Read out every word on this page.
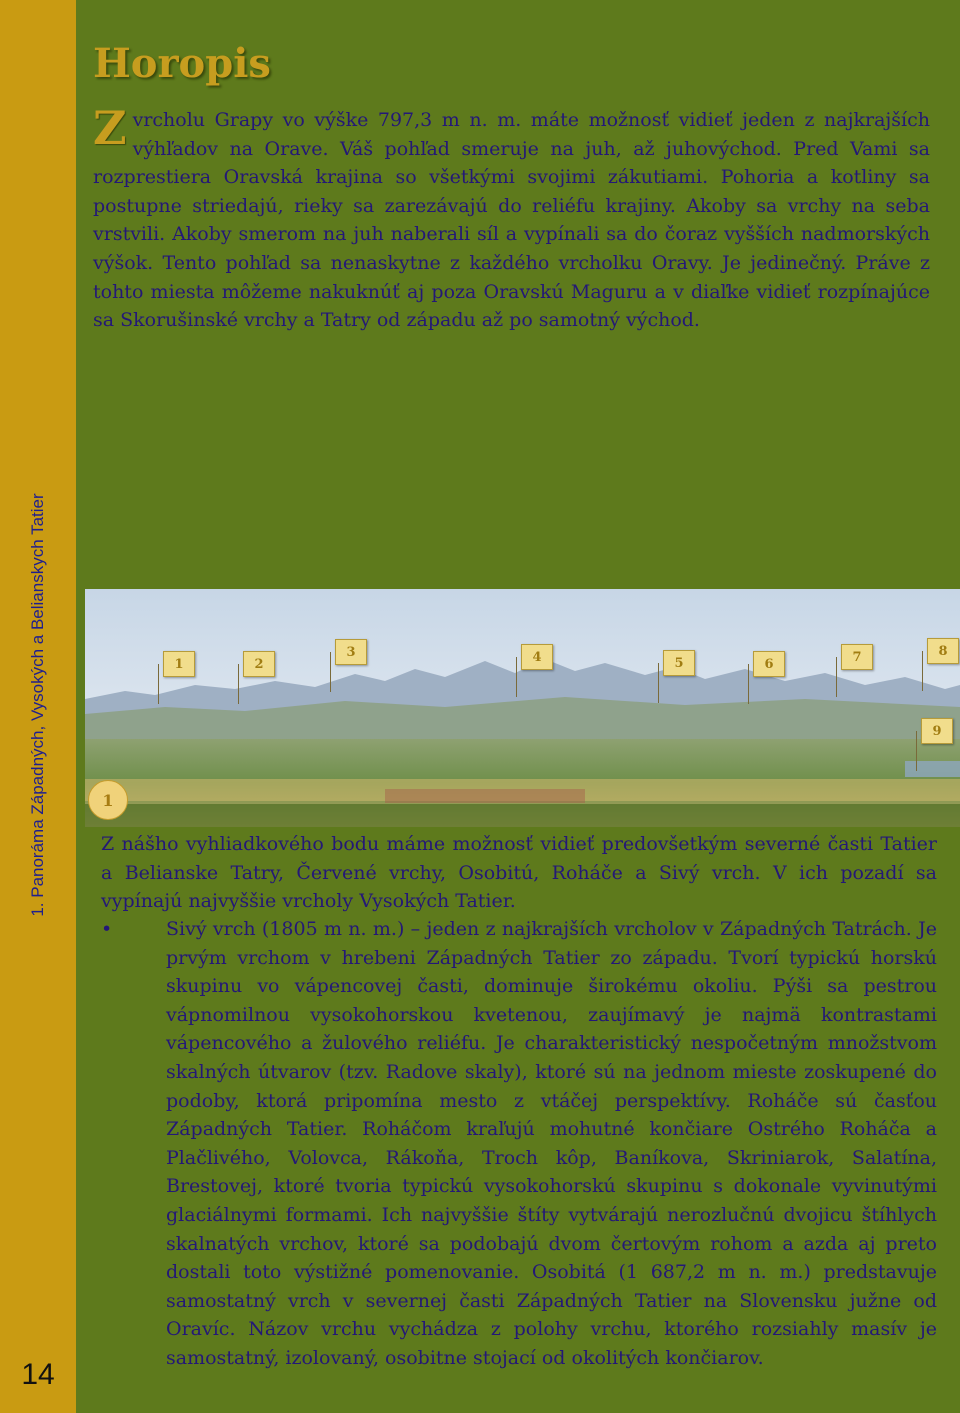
1. Panoráma Západných, Vysokých a Belianskych Tatier
14
Horopis
Z vrcholu Grapy vo výške 797,3 m n. m. máte možnosť vidieť jeden z najkrajších výhľadov na Orave. Váš pohľad smeruje na juh, až juhovýchod. Pred Vami sa rozprestiera Oravská krajina so všetkými svojimi zákutiami. Pohoria a kotliny sa postupne striedajú, rieky sa zarezávajú do reliéfu krajiny. Akoby sa vrchy na seba vrstvili. Akoby smerom na juh naberali síl a vypínali sa do čoraz vyšších nadmorských výšok. Tento pohľad sa nenaskytne z každého vrcholku Oravy. Je jedinečný. Práve z tohto miesta môžeme nakuknúť aj poza Oravskú Maguru a v diaľke vidieť rozpínajúce sa Skorušinské vrchy a Tatry od západu až po samotný východ.
1	2
3	4	5	6	7	8
9
1

Z nášho vyhliadkového bodu máme možnosť vidieť predovšetkým severné časti Tatier a Belianske Tatry, Červené vrchy, Osobitú, Roháče a Sivý vrch. V ich pozadí sa vypínajú najvyššie vrcholy Vysokých Tatier.

•	Sivý vrch (1805 m n. m.) – jeden z najkrajších vrcholov v Západných Tatrách. Je prvým vrchom v hrebeni Západných Tatier zo západu. Tvorí typickú horskú skupinu vo vápencovej časti, dominuje širokému okoliu. Pýši sa pestrou vápnomilnou vysokohorskou kvetenou, zaujímavý je najmä kontrastami vápencového a žulového reliéfu. Je charakteristický nespočetným množstvom skalných útvarov (tzv. Radove skaly), ktoré sú na jednom mieste zoskupené do podoby, ktorá pripomína mesto z vtáčej perspektívy. Roháče sú časťou Západných Tatier. Roháčom kraľujú mohutné končiare Ostrého Roháča a Plačlivého, Volovca, Rákoňa, Troch kôp, Baníkova, Skriniarok, Salatína, Brestovej, ktoré tvoria typickú vysokohorskú skupinu s dokonale vyvinutými glaciálnymi formami. Ich najvyššie štíty vytvárajú nerozlučnú dvojicu štíhlych skalnatých vrchov, ktoré sa podobajú dvom čertovým rohom a azda aj preto dostali toto výstižné pomenovanie. Osobitá (1 687,2 m n. m.) predstavuje samostatný vrch v severnej časti Západných Tatier na Slovensku južne od Oravíc. Názov vrchu vychádza z polohy vrchu, ktorého rozsiahly masív je samostatný, izolovaný, osobitne stojací od okolitých končiarov.
